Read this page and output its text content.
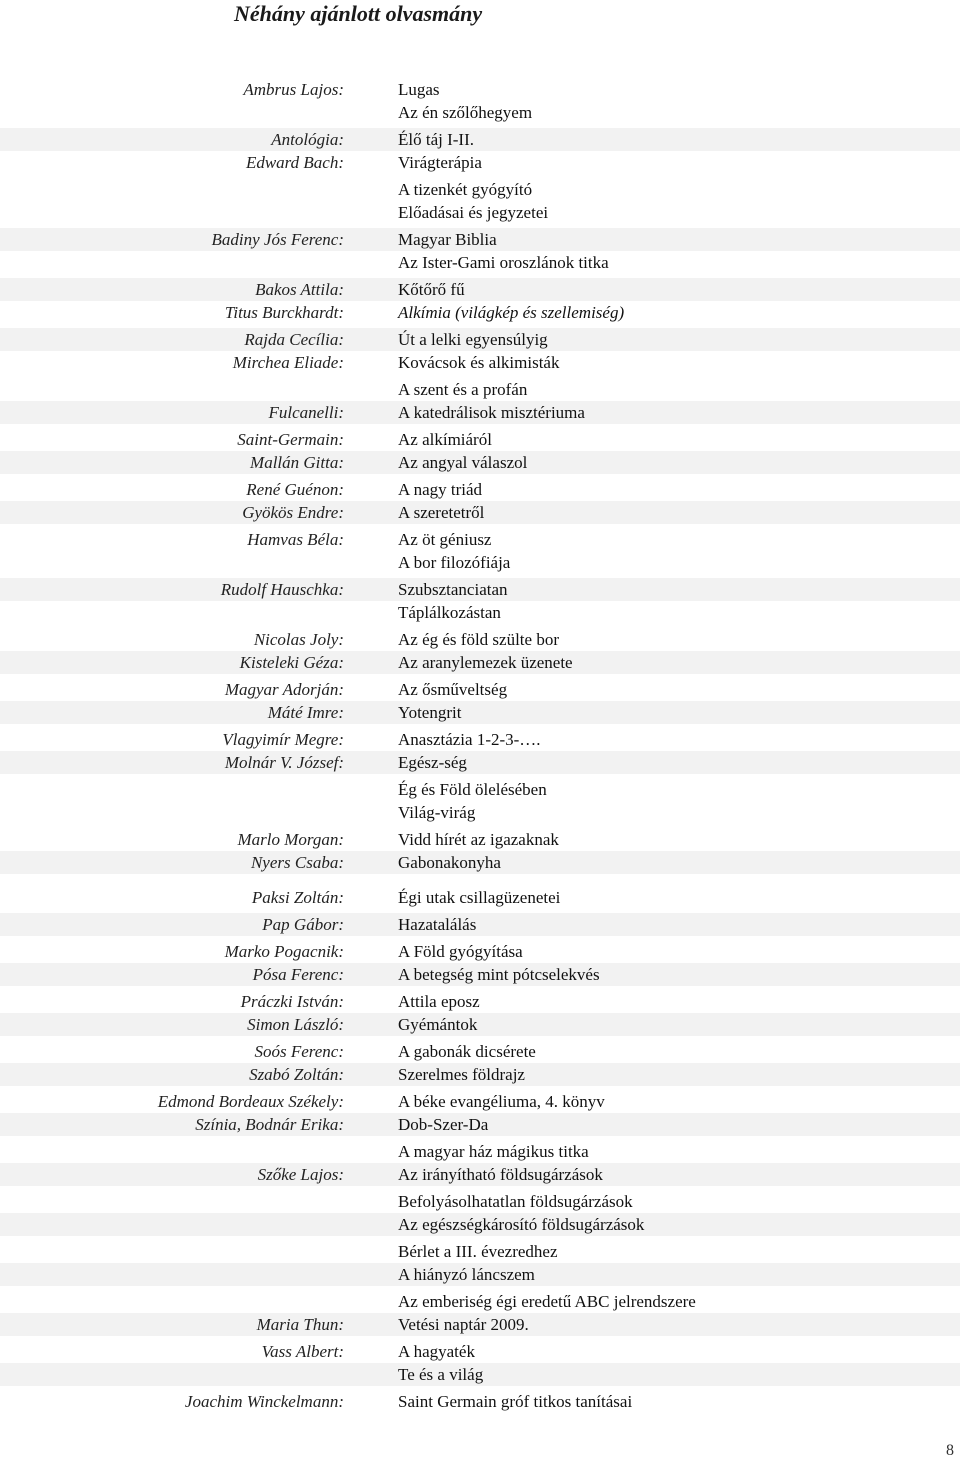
Néhány ajánlott olvasmány
Ambrus Lajos:	Lugas
Az én szőlőhegyem
Antológia:	Élő táj I-II.
Edward Bach:	Virágterápia
A tizenkét gyógyító
Előadásai és jegyzetei
Badiny Jós Ferenc:	Magyar Biblia
Az Ister-Gami oroszlánok titka
Bakos Attila:	Kőtőrő fű
Titus Burckhardt:	Alkímia (világkép és szellemiség)
Rajda Cecília:	Út a lelki egyensúlyig
Mirchea Eliade:	Kovácsok és alkimisták
A szent és a profán
Fulcanelli:	A katedrálisok misztériuma
Saint-Germain:	Az alkímiáról
Mallán Gitta:	Az angyal válaszol
René Guénon:	A nagy triád
Gyökös Endre:	A szeretetről
Hamvas Béla:	Az öt géniusz
A bor filozófiája
Rudolf Hauschka:	Szubsztanciatan
Táplálkozástan
Nicolas Joly:	Az ég és föld szülte bor
Kisteleki Géza:	Az aranylemezek üzenete
Magyar Adorján:	Az ősműveltség
Máté Imre:	Yotengrit
Vlagyimír Megre:	Anasztázia 1-2-3-….
Molnár V. József:	Egész-ség
Ég és Föld ölelésében
Világ-virág
Marlo Morgan:	Vidd hírét az igazaknak
Nyers Csaba:	Gabonakonyha
Paksi Zoltán:	Égi utak csillagüzenetei
Pap Gábor:	Hazatalálás
Marko Pogacnik:	A Föld gyógyítása
Pósa Ferenc:	A betegség mint pótcselekvés
Práczki István:	Attila eposz
Simon László:	Gyémántok
Soós Ferenc:	A gabonák dicsérete
Szabó Zoltán:	Szerelmes földrajz
Edmond Bordeaux Székely:	A béke evangéliuma, 4. könyv
Színia, Bodnár Erika:	Dob-Szer-Da
A magyar ház mágikus titka
Szőke Lajos:	Az irányítható földsugárzások
Befolyásolhatatlan földsugárzások
Az egészségkárosító földsugárzások
Bérlet a III. évezredhez
A hiányzó láncszem
Az emberiség égi eredetű ABC jelrendszere
Maria Thun:	Vetési naptár 2009.
Vass Albert:	A hagyaték
Te és a világ
Joachim Winckelmann:	Saint Germain gróf titkos tanításai
8
